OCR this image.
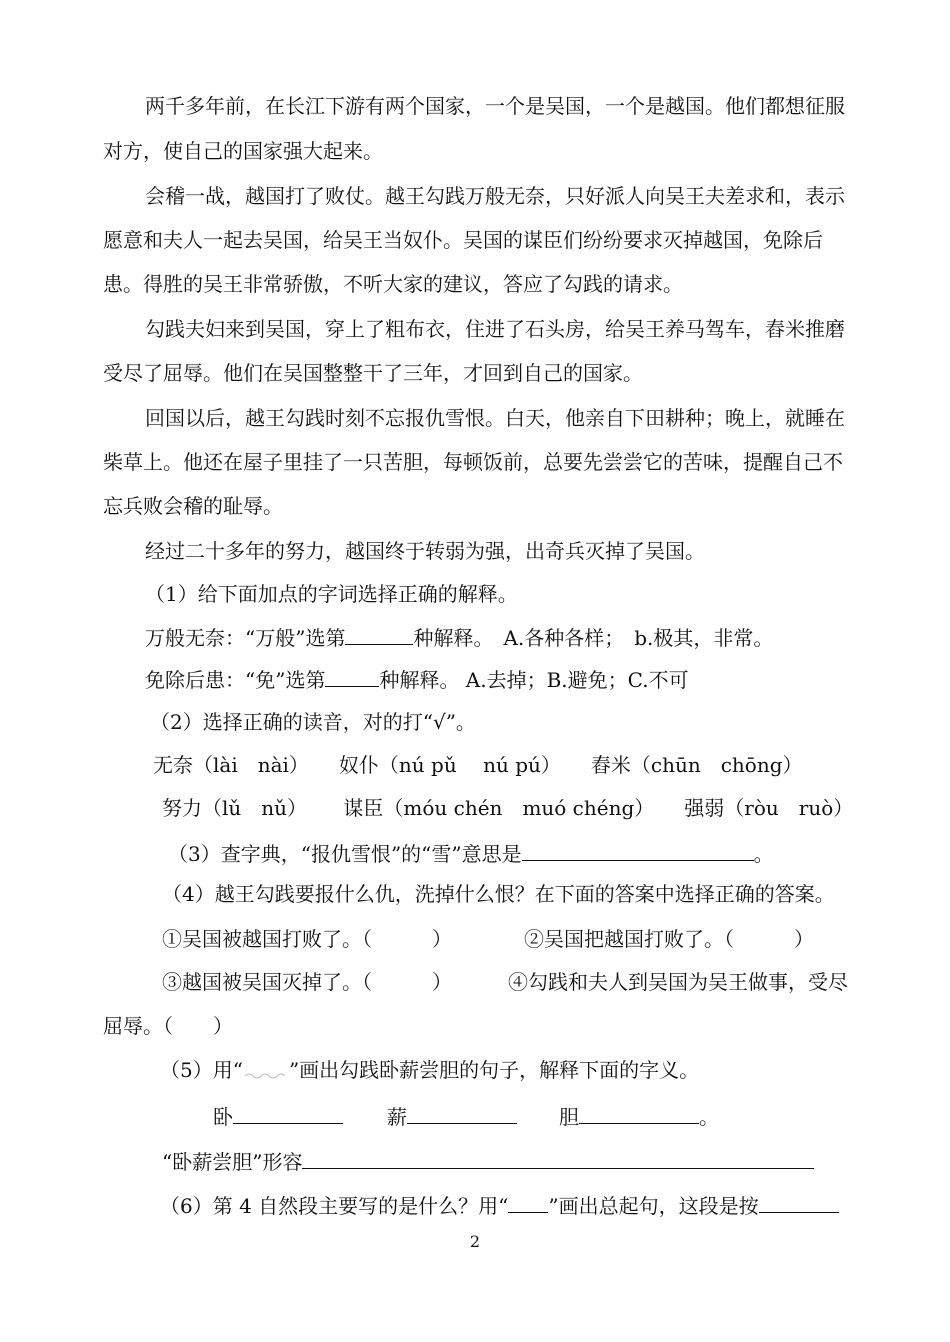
两千多年前，在长江下游有两个国家，一个是吴国，一个是越国。他们都想征服
对方，使自己的国家强大起来。
会稽一战，越国打了败仗。越王勾践万般无奈，只好派人向吴王夫差求和，表示
愿意和夫人一起去吴国，给吴王当奴仆。吴国的谋臣们纷纷要求灭掉越国，免除后
患。得胜的吴王非常骄傲，不听大家的建议，答应了勾践的请求。
勾践夫妇来到吴国，穿上了粗布衣，住进了石头房，给吴王养马驾车，舂米推磨
受尽了屈辱。他们在吴国整整干了三年，才回到自己的国家。
回国以后，越王勾践时刻不忘报仇雪恨。白天，他亲自下田耕种；晚上，就睡在
柴草上。他还在屋子里挂了一只苦胆，每顿饭前，总要先尝尝它的苦味，提醒自己不
忘兵败会稽的耻辱。
经过二十多年的努力，越国终于转弱为强，出奇兵灭掉了吴国。
（1）给下面加点的字词选择正确的解释。
万般无奈：“万般”选第	种解释。　A.各种各样；　b.极其，非常。
免除后患：“免”选第	种解释。 A.去掉；B.避免；C.不可
（2）选择正确的读音，对的打“√”。
无奈（lài　nài）　　奴仆（nú pǔ　 nú pú）　　舂米（chūn　chōng）
努力（lǔ　nǔ）　　 谋臣（móu chén　muó chéng）　　强弱（ròu　ruò）
（3）查字典，“报仇雪恨”的“雪”意思是	。
（4）越王勾践要报什么仇，洗掉什么恨？在下面的答案中选择正确的答案。
①吴国被越国打败了。（　　　）	②吴国把越国打败了。（　　　）
③越国被吴国灭掉了。（　　　）	④勾践和夫人到吴国为吴王做事，受尽
屈辱。（　　）
（5）用“ ”画出勾践卧薪尝胆的句子，解释下面的字义。
卧	薪	胆	。
“卧薪尝胆”形容
（6）第 4 自然段主要写的是什么？用“ ”画出总起句，这段是按
2
